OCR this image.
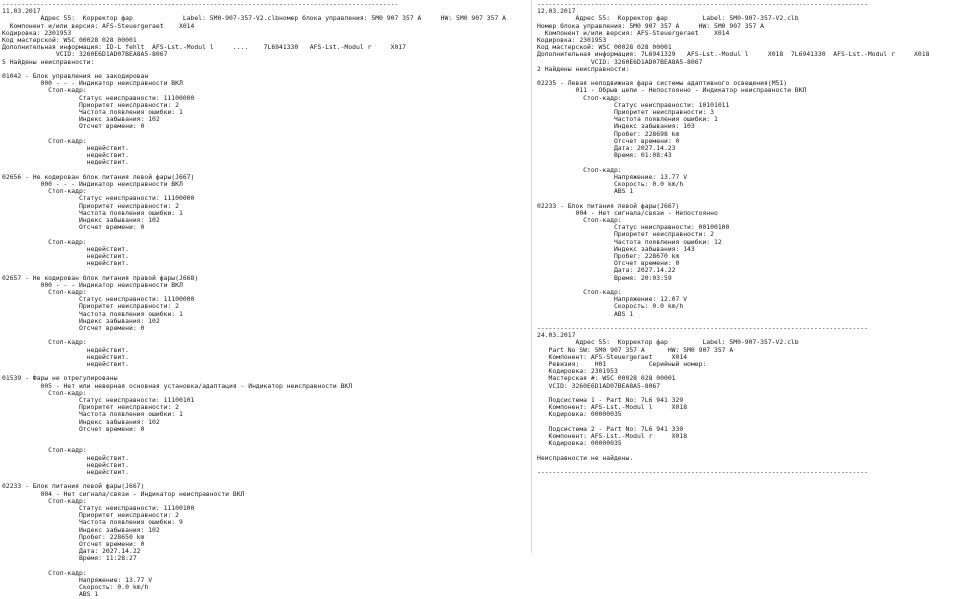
-------------------------------------------------------------------------------------------------------
11.03.2017
Адрес 55:  Корректор фар             Label: 5M0-907-357-V2.clbномер блока управления: 5M0 907 357 A     HW: 5M0 907 357 A
Компонент и/или версия: AFS-Steuergeraet    X014
Кодировка: 2301953
Код мастерской: WSC 00028 028 00001
Дополнительная информация: ID-L fehlt  AFS-Lst.-Modul l     ....    7L6941330   AFS-Lst.-Modul r     X017
VCID: 3260E6D1AD07BEA8A5-8067
5 Найдены неисправности:
01042 - Блок управления не закодирован
000 - - - Индикатор неисправности ВКЛ
Стоп-кадр:
Статус неисправности: 11100000
Приоритет неисправности: 2
Частота появления ошибки: 1
Индекс забывания: 102
Отсчет времени: 0
Стоп-кадр:
недействит.
недействит.
недействит.
02656 - Не кодирован блок питания левой фары(J667)
000 - - - Индикатор неисправности ВКЛ
Стоп-кадр:
Статус неисправности: 11100000
Приоритет неисправности: 2
Частота появления ошибки: 1
Индекс забывания: 102
Отсчет времени: 0
Стоп-кадр:
недействит.
недействит.
недействит.
02657 - Не кодирован блок питания правой фары(J668)
000 - - - Индикатор неисправности ВКЛ
Стоп-кадр:
Статус неисправности: 11100000
Приоритет неисправности: 2
Частота появления ошибки: 1
Индекс забывания: 102
Отсчет времени: 0
Стоп-кадр:
недействит.
недействит.
недействит.
01539 - Фары не отрегулированы
005 - Нет или неверная основная установка/адаптация - Индикатор неисправности ВКЛ
Стоп-кадр:
Статус неисправности: 11100101
Приоритет неисправности: 2
Частота появления ошибки: 1
Индекс забывания: 102
Отсчет времени: 0
Стоп-кадр:
недействит.
недействит.
недействит.
02233 - Блок питания левой фары(J667)
004 - Нет сигнала/связи - Индикатор неисправности ВКЛ
Стоп-кадр:
Статус неисправности: 11100100
Приоритет неисправности: 2
Частота появления ошибки: 9
Индекс забывания: 102
Пробег: 228650 km
Отсчет времени: 0
Дата: 2027.14.22
Время: 11:28:27
Стоп-кадр:
Напряжение: 13.77 V
Скорость: 0.0 km/h
ABS 1
--------------------------------------------------------------------------------------
12.03.2017
Адрес 55:  Корректор фар         Label: 5M0-907-357-V2.clb
Номер блока управления: 5M0 907 357 A     HW: 5M0 907 357 A
Компонент и/или версия: AFS-Steuergeraet    X014
Кодировка: 2301953
Код мастерской: WSC 00028 028 00001
Дополнительная информация: 7L6941329   AFS-Lst.-Modul l     X018  7L6941330  AFS-Lst.-Modul r     X018
VCID: 3260E6D1AD07BEA8A5-8067
2 Найдены неисправности:
02235 - Левая неподвижная фара системы адаптивного освещения(M51)
011 - Обрыв цепи - Непостоянно - Индикатор неисправности ВКЛ
Стоп-кадр:
Статус неисправности: 10101011
Приоритет неисправности: 3
Частота появления ошибки: 1
Индекс забывания: 103
Пробег: 228698 km
Отсчет времени: 0
Дата: 2027.14.23
Время: 01:08:43
Стоп-кадр:
Напряжение: 13.77 V
Скорость: 0.0 km/h
ABS 1
02233 - Блок питания левой фары(J667)
004 - Нет сигнала/связи - Непостоянно
Стоп-кадр:
Статус неисправности: 00100100
Приоритет неисправности: 2
Частота появления ошибки: 12
Индекс забывания: 143
Пробег: 228670 km
Отсчет времени: 0
Дата: 2027.14.22
Время: 20:03:59
Стоп-кадр:
Напряжение: 12.07 V
Скорость: 0.0 km/h
ABS 1
--------------------------------------------------------------------------------------
24.03.2017
Адрес 55:  Корректор фар         Label: 5M0-907-357-V2.clb
Part No SW: 5M0 907 357 A      HW: 5M0 907 357 A
Компонент: AFS-Steuergeraet     X014
Ревизия:    H01           Серийный номер:
Кодировка: 2301953
Мастерская #: WSC 00028 028 00001
VCID: 3260E6D1AD07BEA8A5-8067
Подсистема 1 - Part No: 7L6 941 329
Компонент: AFS-Lst.-Modul l     X018
Кодировка: 00000035
Подсистема 2 - Part No: 7L6 941 330
Компонент: AFS-Lst.-Modul r     X018
Кодировка: 00000035
Неисправности не найдены.
--------------------------------------------------------------------------------------
